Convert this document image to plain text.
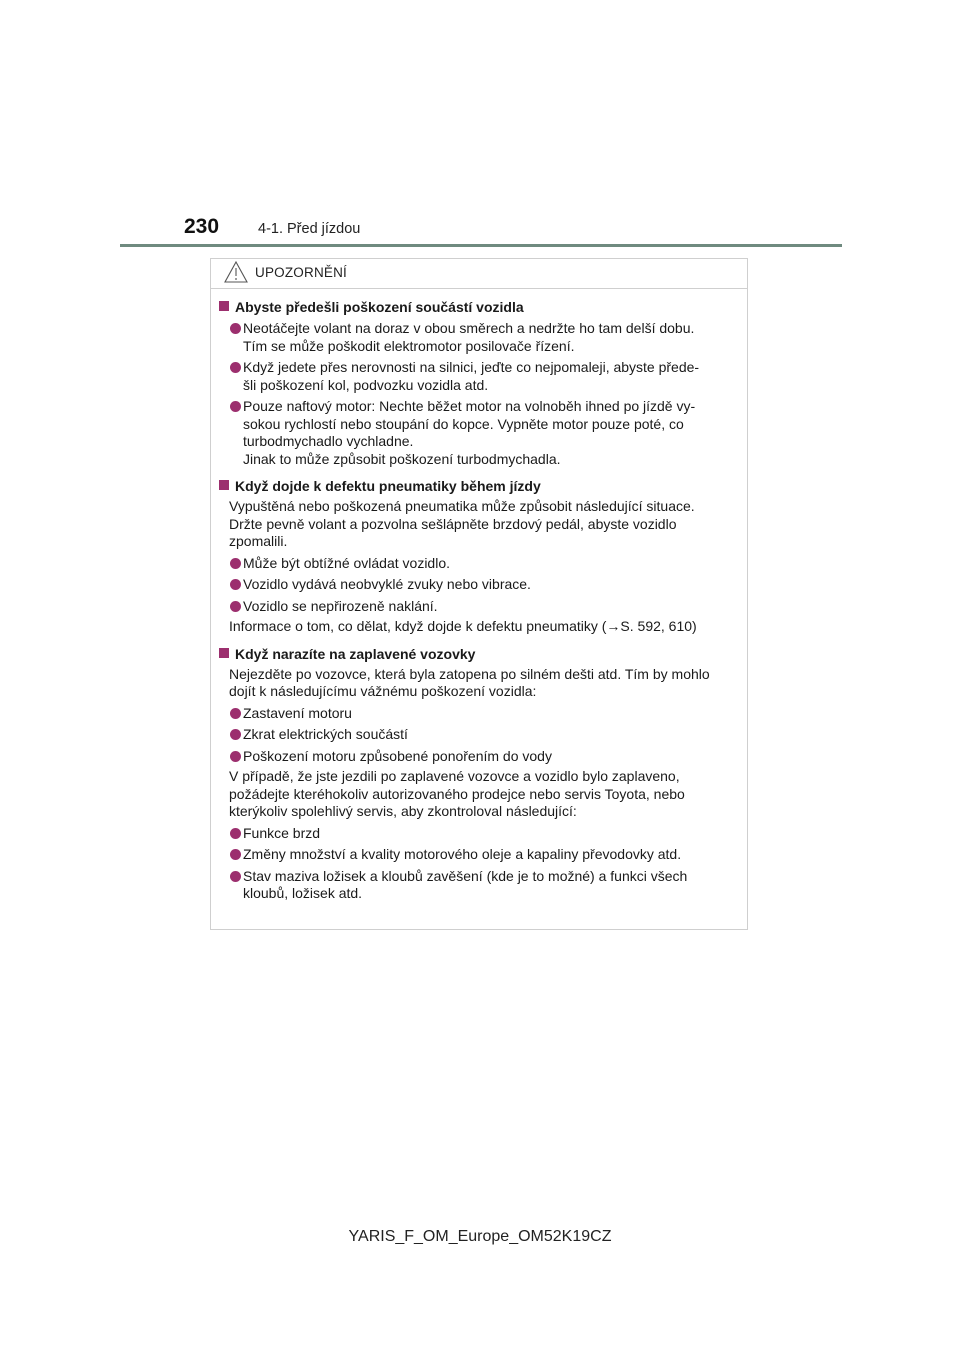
230	4-1. Před jízdou
UPOZORNĚNÍ
Abyste předešli poškození součástí vozidla
Neotáčejte volant na doraz v obou směrech a nedržte ho tam delší dobu.
Tím se může poškodit elektromotor posilovače řízení.
Když jedete přes nerovnosti na silnici, jeďte co nejpomaleji, abyste přede-
šli poškození kol, podvozku vozidla atd.
Pouze naftový motor: Nechte běžet motor na volnoběh ihned po jízdě vy-
sokou rychlostí nebo stoupání do kopce. Vypněte motor pouze poté, co
turbodmychadlo vychladne.
Jinak to může způsobit poškození turbodmychadla.
Když dojde k defektu pneumatiky během jízdy
Vypuštěná nebo poškozená pneumatika může způsobit následující situace.
Držte pevně volant a pozvolna sešlápněte brzdový pedál, abyste vozidlo
zpomalili.
Může být obtížné ovládat vozidlo.
Vozidlo vydává neobvyklé zvuky nebo vibrace.
Vozidlo se nepřirozeně naklání.
Informace o tom, co dělat, když dojde k defektu pneumatiky (→S. 592, 610)
Když narazíte na zaplavené vozovky
Nejezděte po vozovce, která byla zatopena po silném dešti atd. Tím by mohlo
dojít k následujícímu vážnému poškození vozidla:
Zastavení motoru
Zkrat elektrických součástí
Poškození motoru způsobené ponořením do vody
V případě, že jste jezdili po zaplavené vozovce a vozidlo bylo zaplaveno,
požádejte kteréhokoliv autorizovaného prodejce nebo servis Toyota, nebo
kterýkoliv spolehlivý servis, aby zkontroloval následující:
Funkce brzd
Změny množství a kvality motorového oleje a kapaliny převodovky atd.
Stav maziva ložisek a kloubů zavěšení (kde je to možné) a funkci všech
kloubů, ložisek atd.
YARIS_F_OM_Europe_OM52K19CZ
